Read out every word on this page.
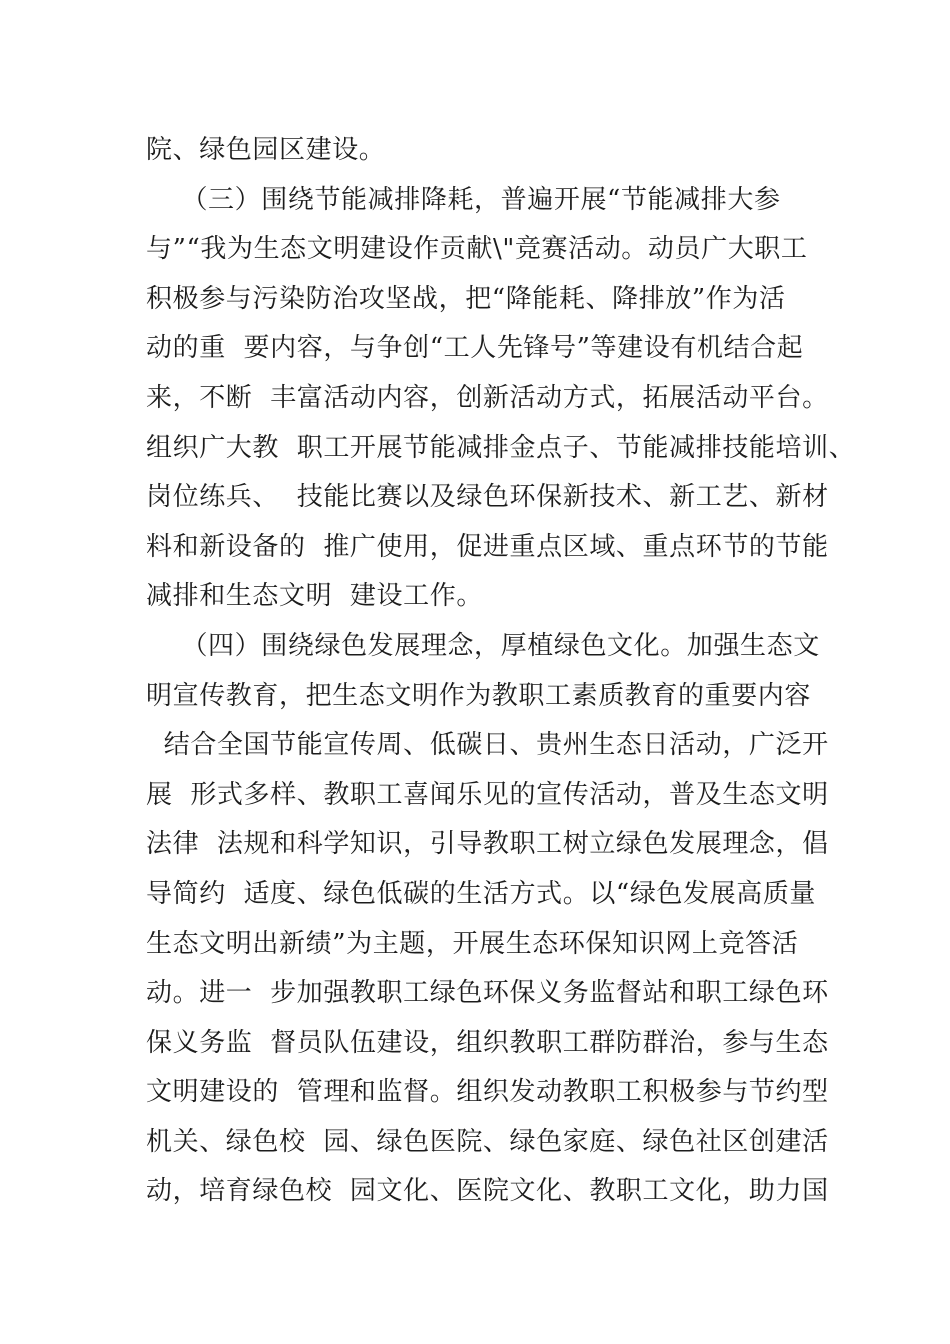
院、绿色园区建设。
（三）围绕节能减排降耗，普遍开展“节能减排大参
与”“我为生态文明建设作贡献\"竞赛活动。动员广大职工
积极参与污染防治攻坚战，把“降能耗、降排放”作为活
动的重  要内容，与争创“工人先锋号”等建设有机结合起
来，不断  丰富活动内容，创新活动方式，拓展活动平台。
组织广大教  职工开展节能减排金点子、节能减排技能培训、
岗位练兵、  技能比赛以及绿色环保新技术、新工艺、新材
料和新设备的  推广使用，促进重点区域、重点环节的节能
减排和生态文明  建设工作。
（四）围绕绿色发展理念，厚植绿色文化。加强生态文
明宣传教育，把生态文明作为教职工素质教育的重要内容
结合全国节能宣传周、低碳日、贵州生态日活动，广泛开
展  形式多样、教职工喜闻乐见的宣传活动，普及生态文明
法律  法规和科学知识，引导教职工树立绿色发展理念，倡
导简约  适度、绿色低碳的生活方式。以“绿色发展高质量
生态文明出新绩”为主题，开展生态环保知识网上竞答活
动。进一  步加强教职工绿色环保义务监督站和职工绿色环
保义务监  督员队伍建设，组织教职工群防群治，参与生态
文明建设的  管理和监督。组织发动教职工积极参与节约型
机关、绿色校  园、绿色医院、绿色家庭、绿色社区创建活
动，培育绿色校  园文化、医院文化、教职工文化，助力国
